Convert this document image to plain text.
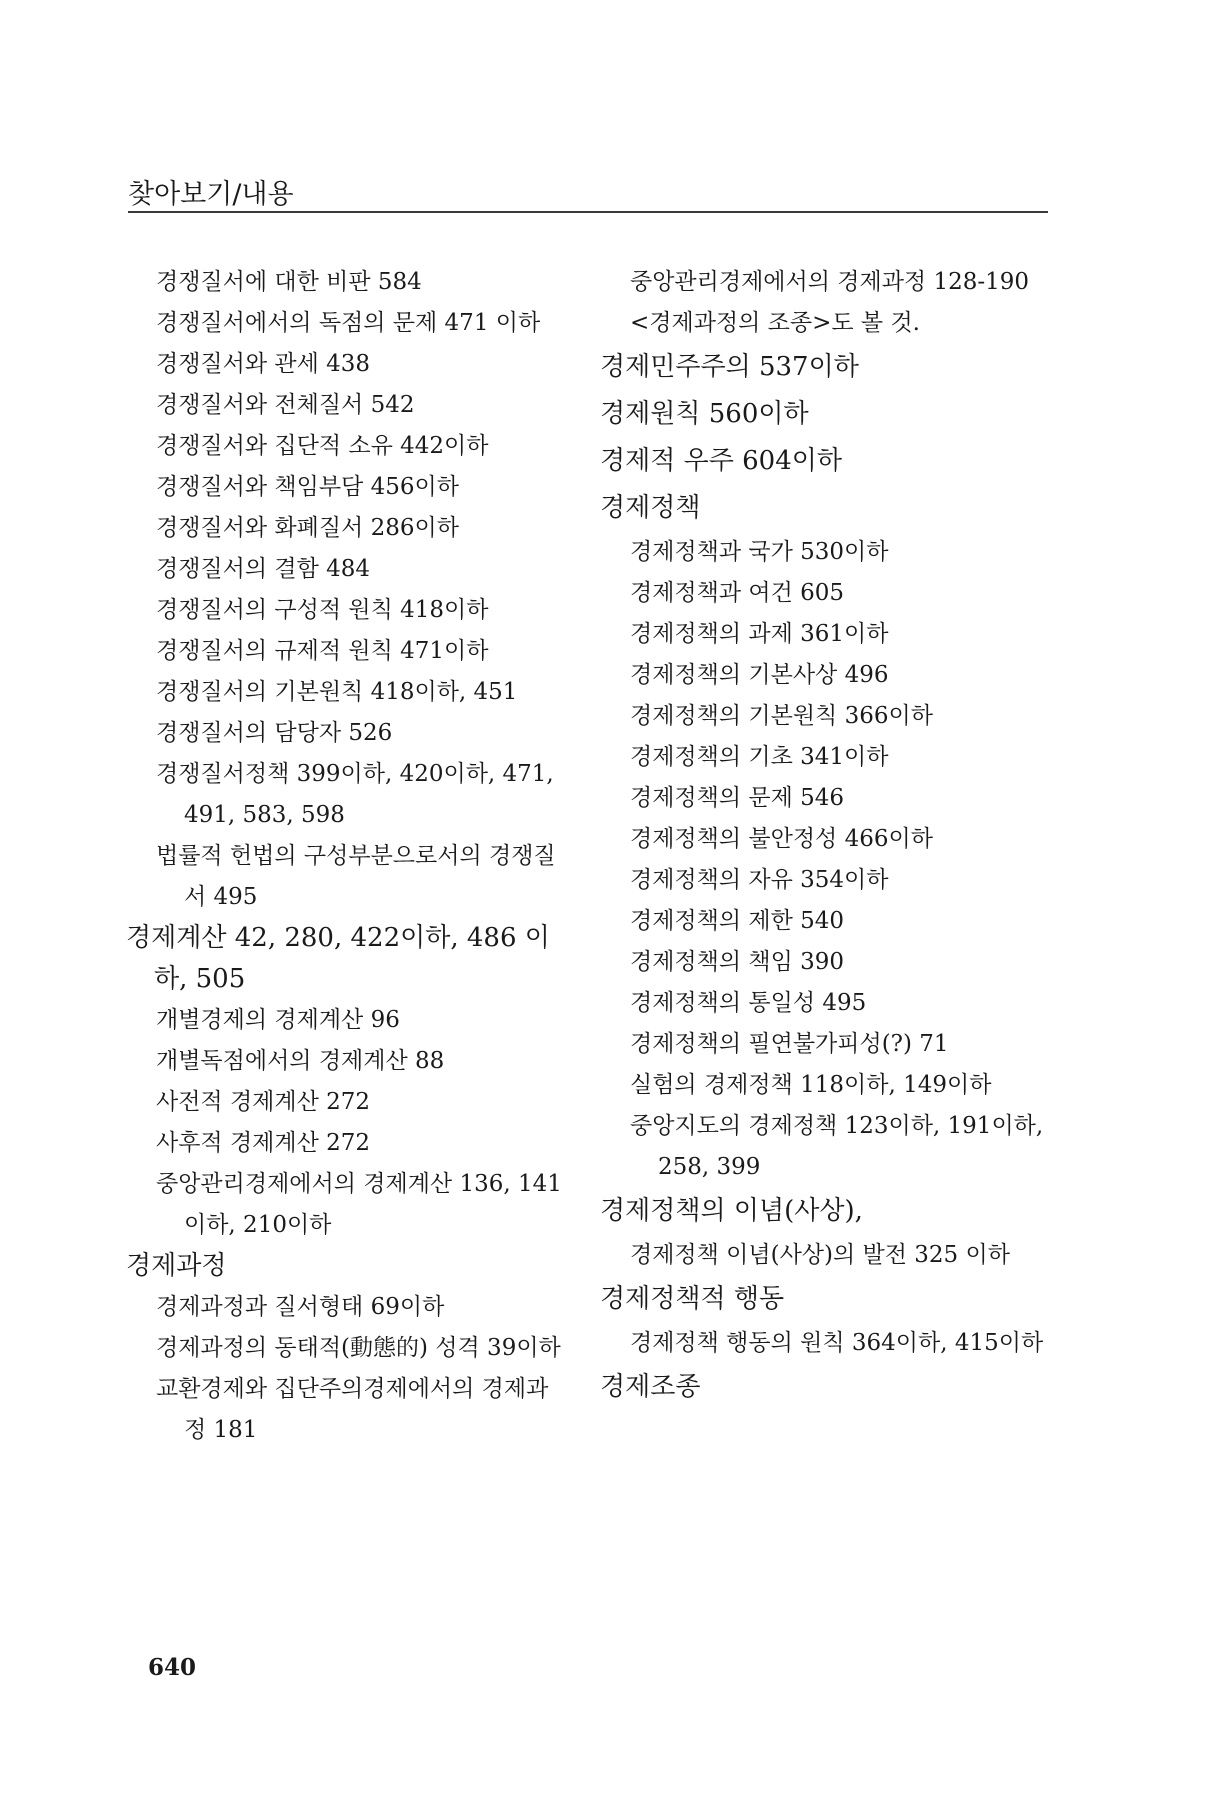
찾아보기/내용
경쟁질서에 대한 비판 584
경쟁질서에서의 독점의 문제 471 이하
경쟁질서와 관세 438
경쟁질서와 전체질서 542
경쟁질서와 집단적 소유 442이하
경쟁질서와 책임부담 456이하
경쟁질서와 화폐질서 286이하
경쟁질서의 결함 484
경쟁질서의 구성적 원칙 418이하
경쟁질서의 규제적 원칙 471이하
경쟁질서의 기본원칙 418이하, 451
경쟁질서의 담당자 526
경쟁질서정책 399이하, 420이하, 471, 491, 583, 598
법률적 헌법의 구성부분으로서의 경쟁질서 495
경제계산 42, 280, 422이하, 486 이하, 505
개별경제의 경제계산 96
개별독점에서의 경제계산 88
사전적 경제계산 272
사후적 경제계산 272
중앙관리경제에서의 경제계산 136, 141이하, 210이하
경제과정
경제과정과 질서형태 69이하
경제과정의 동태적(動態的) 성격 39이하
교환경제와 집단주의경제에서의 경제과정 181
중앙관리경제에서의 경제과정 128-190
<경제과정의 조종>도 볼 것.
경제민주주의 537이하
경제원칙 560이하
경제적 우주 604이하
경제정책
경제정책과 국가 530이하
경제정책과 여건 605
경제정책의 과제 361이하
경제정책의 기본사상 496
경제정책의 기본원칙 366이하
경제정책의 기초 341이하
경제정책의 문제 546
경제정책의 불안정성 466이하
경제정책의 자유 354이하
경제정책의 제한 540
경제정책의 책임 390
경제정책의 통일성 495
경제정책의 필연불가피성(?) 71
실험의 경제정책 118이하, 149이하
중앙지도의 경제정책 123이하, 191이하, 258, 399
경제정책의 이념(사상),
경제정책 이념(사상)의 발전 325 이하
경제정책적 행동
경제정책 행동의 원칙 364이하, 415이하
경제조종
640
